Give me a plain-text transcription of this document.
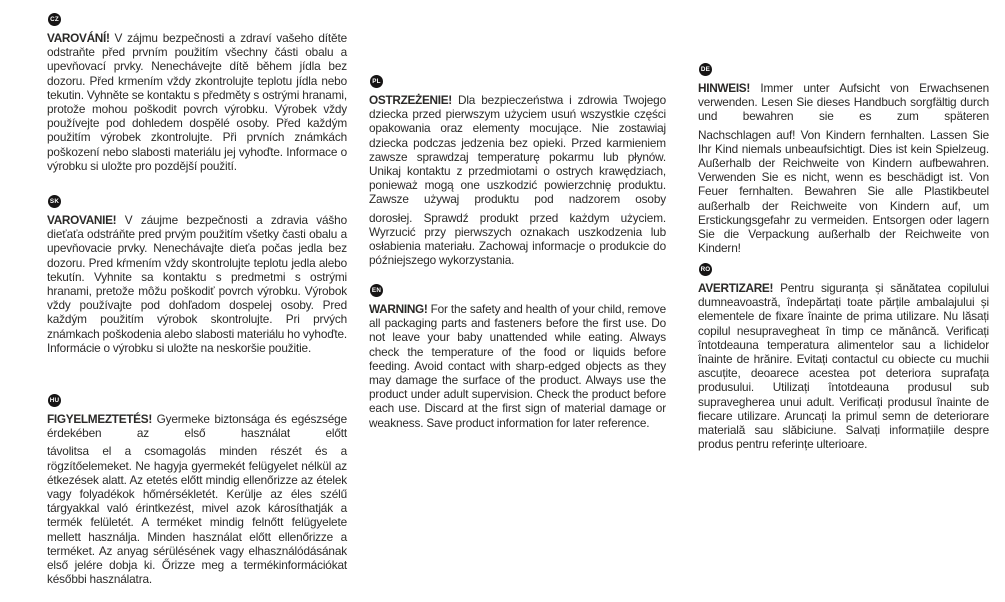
CZ

VAROVÁNÍ! V zájmu bezpečnosti a zdraví vašeho dítěte odstraňte před prvním použitím všechny části obalu a upevňovací prvky. Nenechávejte dítě během jídla bez dozoru. Před krmením vždy zkontrolujte teplotu jídla nebo tekutin. Vyhněte se kontaktu s předměty s ostrými hranami, protože mohou poškodit povrch výrobku. Výrobek vždy používejte pod dohledem dospělé osoby. Před každým použitím výrobek zkontrolujte. Při prvních známkách poškození nebo slabosti materiálu jej vyhoďte. Informace o výrobku si uložte pro pozdější použití.

SK

VAROVANIE! V záujme bezpečnosti a zdravia vášho dieťaťa odstráňte pred prvým použitím všetky časti obalu a upevňovacie prvky. Nenechávajte dieťa počas jedla bez dozoru. Pred kŕmením vždy skontrolujte teplotu jedla alebo tekutín. Vyhnite sa kontaktu s predmetmi s ostrými hranami, pretože môžu poškodiť povrch výrobku. Výrobok vždy používajte pod dohľadom dospelej osoby. Pred každým použitím výrobok skontrolujte. Pri prvých známkach poškodenia alebo slabosti materiálu ho vyhoďte. Informácie o výrobku si uložte na neskoršie použitie.

HU

FIGYELMEZTETÉS! Gyermeke biztonsága és egészsége érdekében az első használat előtt

távolitsa el a csomagolás minden részét és a rögzítőelemeket. Ne hagyja gyermekét felügyelet nélkül az étkezések alatt. Az etetés előtt mindig ellenőrizze az ételek vagy folyadékok hőmérsékletét. Kerülje az éles szélű tárgyakkal való érintkezést, mivel azok károsíthatják a termék felületét. A terméket mindig felnőtt felügyelete mellett használja. Minden használat előtt ellenőrizze a terméket. Az anyag sérülésének vagy elhasználódásának első jelére dobja ki. Őrizze meg a termékinformációkat későbbi használatra.

PL

OSTRZEŻENIE! Dla bezpieczeństwa i zdrowia Twojego dziecka przed pierwszym użyciem usuń wszystkie części opakowania oraz elementy mocujące. Nie zostawiaj dziecka podczas jedzenia bez opieki. Przed karmieniem zawsze sprawdzaj temperaturę pokarmu lub płynów. Unikaj kontaktu z przedmiotami o ostrych krawędziach, ponieważ mogą one uszkodzić powierzchnię produktu. Zawsze używaj produktu pod nadzorem osoby

dorosłej. Sprawdź produkt przed każdym użyciem. Wyrzucić przy pierwszych oznakach uszkodzenia lub osłabienia materiału. Zachowaj informacje o produkcie do późniejszego wykorzystania.

EN

WARNING! For the safety and health of your child, remove all packaging parts and fasteners before the first use. Do not leave your baby unattended while eating. Always check the temperature of the food or liquids before feeding. Avoid contact with sharp-edged objects as they may damage the surface of the product. Always use the product under adult supervision. Check the product before each use. Discard at the first sign of material damage or weakness. Save product information for later reference.

DE

HINWEIS! Immer unter Aufsicht von Erwachsenen verwenden. Lesen Sie dieses Handbuch sorgfältig durch und bewahren sie es zum späteren

Nachschlagen auf! Von Kindern fernhalten. Lassen Sie Ihr Kind niemals unbeaufsichtigt. Dies ist kein Spielzeug. Außerhalb der Reichweite von Kindern aufbewahren. Verwenden Sie es nicht, wenn es beschädigt ist. Von Feuer fernhalten. Bewahren Sie alle Plastikbeutel außerhalb der Reichweite von Kindern auf, um Erstickungsgefahr zu vermeiden. Entsorgen oder lagern Sie die Verpackung außerhalb der Reichweite von Kindern!

RO

AVERTIZARE! Pentru siguranța și sănătatea copilului dumneavoastră, îndepărtați toate părțile ambalajului și elementele de fixare înainte de prima utilizare. Nu lăsați copilul nesupravegheat în timp ce mănâncă. Verificați întotdeauna temperatura alimentelor sau a lichidelor înainte de hrănire. Evitați contactul cu obiecte cu muchii ascuțite, deoarece acestea pot deteriora suprafața produsului. Utilizați întotdeauna produsul sub supravegherea unui adult. Verificați produsul înainte de fiecare utilizare. Aruncați la primul semn de deteriorare materială sau slăbiciune. Salvați informațiile despre produs pentru referințe ulterioare.
